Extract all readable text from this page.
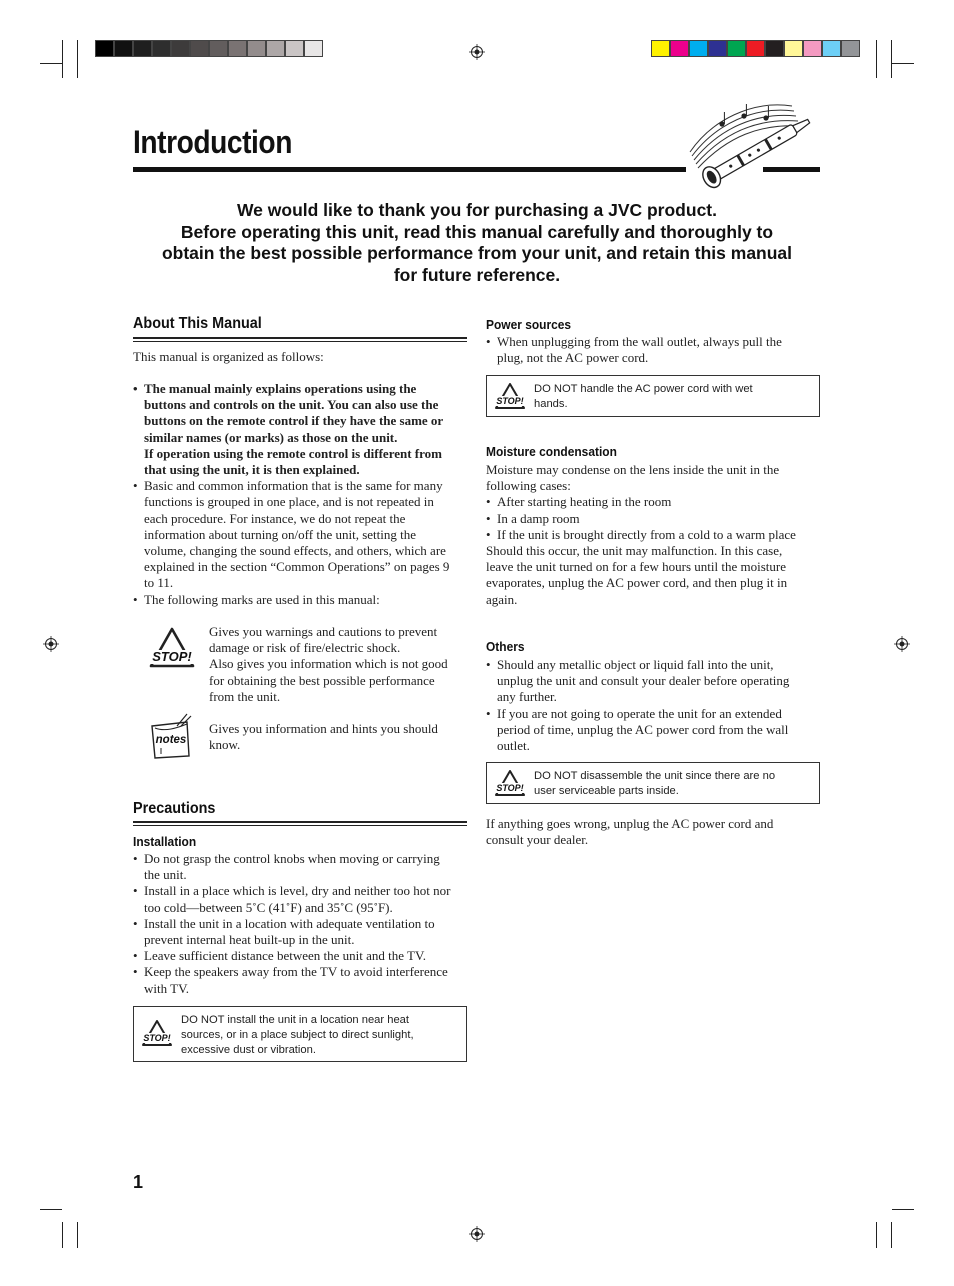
Introduction
We would like to thank you for purchasing a JVC product.
Before operating this unit, read this manual carefully and thoroughly to
obtain the best possible performance from your unit, and retain this manual
for future reference.
About This Manual
This manual is organized as follows:
• The manual mainly explains operations using the
buttons and controls on the unit. You can also use the
buttons on the remote control if they have the same or
similar names (or marks) as those on the unit.
If operation using the remote control is different from
that using the unit, it is then explained.
• Basic and common information that is the same for many
functions is grouped in one place, and is not repeated in
each procedure. For instance, we do not repeat the
information about turning on/off the unit, setting the
volume, changing the sound effects, and others, which are
explained in the section “Common Operations” on pages 9
to 11.
• The following marks are used in this manual:
STOP!
Gives you warnings and cautions to prevent
damage or risk of fire/electric shock.
Also gives you information which is not good
for obtaining the best possible performance
from the unit.
notes
Gives you information and hints you should
know.
Precautions
Installation
• Do not grasp the control knobs when moving or carrying
the unit.
• Install in a place which is level, dry and neither too hot nor
too cold—between 5˚C (41˚F) and 35˚C (95˚F).
• Install the unit in a location with adequate ventilation to
prevent internal heat built-up in the unit.
• Leave sufficient distance between the unit and the TV.
• Keep the speakers away from the TV to avoid interference
with TV.
STOP!
DO NOT install the unit in a location near heat
sources, or in a place subject to direct sunlight,
excessive dust or vibration.
Power sources
• When unplugging from the wall outlet, always pull the
plug, not the AC power cord.
STOP!
DO NOT handle the AC power cord with wet
hands.
Moisture condensation

Moisture may condense on the lens inside the unit in the

following cases:

• After starting heating in the room
• In a damp room
• If the unit is brought directly from a cold to a warm place

Should this occur, the unit may malfunction. In this case,

leave the unit turned on for a few hours until the moisture

evaporates, unplug the AC power cord, and then plug it in

again.

Others
• Should any metallic object or liquid fall into the unit,
unplug the unit and consult your dealer before operating
any further.
• If you are not going to operate the unit for an extended
period of time, unplug the AC power cord from the wall
outlet.
STOP!
DO NOT disassemble the unit since there are no
user serviceable parts inside.

If anything goes wrong, unplug the AC power cord and

consult your dealer.

1
